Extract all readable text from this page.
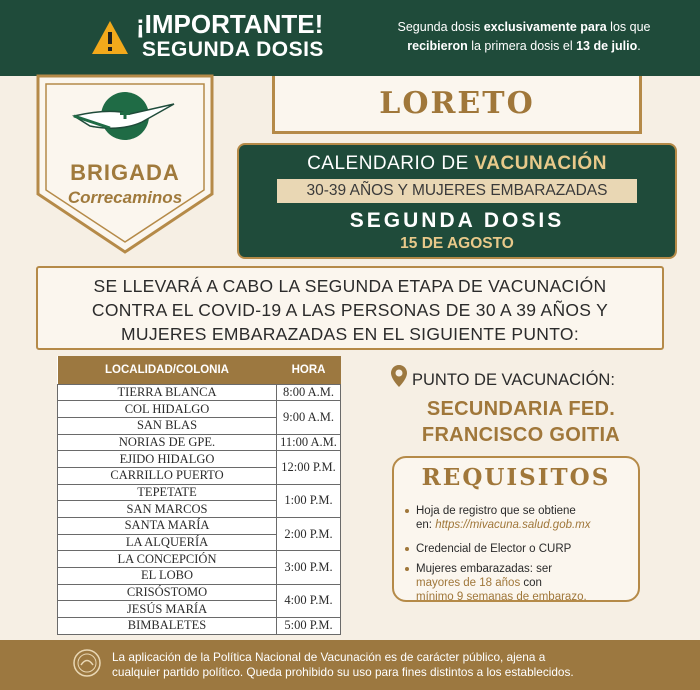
¡IMPORTANTE!
SEGUNDA DOSIS
Segunda dosis exclusivamente para los que
recibieron la primera dosis el 13 de julio.
BRIGADA
Correcaminos
LORETO
CALENDARIO DE VACUNACIÓN
30-39 AÑOS Y MUJERES EMBARAZADAS
SEGUNDA DOSIS
15 DE AGOSTO
SE LLEVARÁ A CABO LA SEGUNDA ETAPA DE VACUNACIÓN
CONTRA EL COVID-19 A LAS PERSONAS DE 30 A 39 AÑOS Y
MUJERES EMBARAZADAS EN EL SIGUIENTE PUNTO:
LOCALIDAD/COLONIA	HORA
TIERRA BLANCA	8:00 A.M.
COL HIDALGO	9:00 A.M.
SAN BLAS	
NORIAS DE GPE.	11:00 A.M.
EJIDO HIDALGO	12:00 P.M.
CARRILLO PUERTO	
TEPETATE	1:00 P.M.
SAN MARCOS	
SANTA MARÍA	2:00 P.M.
LA ALQUERÍA	
LA CONCEPCIÓN	3:00 P.M.
EL LOBO	
CRISÓSTOMO	4:00 P.M.
JESÚS MARÍA	
BIMBALETES	5:00 P.M.
PUNTO DE VACUNACIÓN:
SECUNDARIA FED.
FRANCISCO GOITIA
REQUISITOS
Hoja de registro que se obtiene
en: https://mivacuna.salud.gob.mx
Credencial de Elector o CURP
Mujeres embarazadas: ser
mayores de 18 años con
mínimo 9 semanas de embarazo.
La aplicación de la Política Nacional de Vacunación es de carácter público, ajena a
cualquier partido político. Queda prohibido su uso para fines distintos a los establecidos.
